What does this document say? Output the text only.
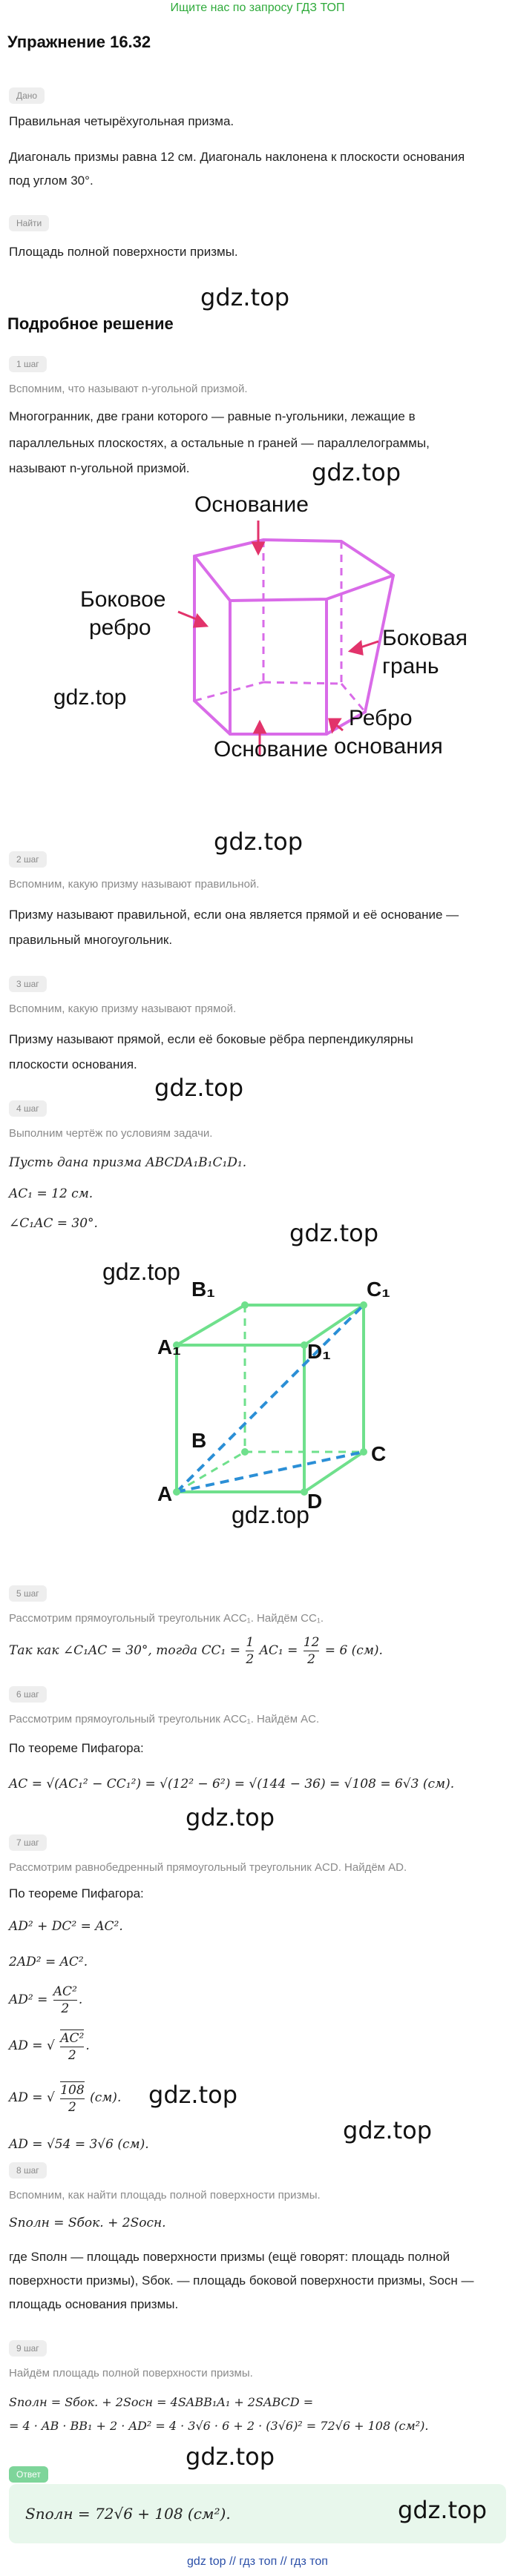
Ищите нас по запросу ГДЗ ТОП
Упражнение 16.32
Дано
Правильная четырёхугольная призма.
Диагональ призмы равна 12 см. Диагональ наклонена к плоскости основания
под углом 30°.
Найти
Площадь полной поверхности призмы.
gdz.top
Подробное решение
1 шаг
Вспомним, что называют n-угольной призмой.
Многогранник, две грани которого — равные n-угольники, лежащие в
параллельных плоскостях, а остальные n граней — параллелограммы,
называют n-угольной призмой.	gdz.top
Основание
Боковое
ребро	Боковая
грань
Ребро
основания
Основание
gdz.top
gdz.top
2 шаг
Вспомним, какую призму называют правильной.
Призму называют правильной, если она является прямой и её основание —
правильный многоугольник.
3 шаг
Вспомним, какую призму называют прямой.
Призму называют прямой, если её боковые рёбра перпендикулярны
плоскости основания.
gdz.top
4 шаг
Выполним чертёж по условиям задачи.
Пусть дана призма ABCDA₁B₁C₁D₁.
AC₁ = 12 см.
∠C₁AC = 30°.	gdz.top
B₁	C₁
A₁	D₁
B
C
A	D
gdz.top
gdz.top
5 шаг
Рассмотрим прямоугольный треугольник ACC₁. Найдём CC₁.
Так как ∠C₁AC = 30°, тогда $CC_1 = \frac{1}{2} AC_1 = \frac{12}{2} = 6$ (см).
6 шаг
Рассмотрим прямоугольный треугольник ACC₁. Найдём AC.
По теореме Пифагора:
AC = √(AC₁² − CC₁²) = √(12² − 6²) = √(144 − 36) = √108 = 6√3 (см).
gdz.top
7 шаг
Рассмотрим равнобедренный прямоугольный треугольник ACD. Найдём AD.
По теореме Пифагора:
AD² + DC² = AC².
2AD² = AC².
$AD^2 = \frac{\text{AC²}}{2}$ .
AD = √ $\frac{\text{AC²}}{2}$ .
AD = √ $\frac{108}{2} (см)$.	gdz.top
AD = √54 = 3√6 (см).	gdz.top
8 шаг
Вспомним, как найти площадь полной поверхности призмы.
Sполн = Sбок. + 2Sосн.
где Sполн — площадь поверхности призмы (ещё говорят: площадь полной
поверхности призмы), Sбок. — площадь боковой поверхности призмы, Sосн —
площадь основания призмы.
9 шаг
Найдём площадь полной поверхности призмы.
Sполн = Sбок. + 2Sосн = 4SABB₁A₁ + 2SABCD =
= 4 · AB · BB₁ + 2 · AD² = 4 · 3√6 · 6 + 2 · (3√6)² = 72√6 + 108 (см²).
gdz.top
Ответ
Sполн = 72√6 + 108 (см²).	gdz.top
gdz top // гдз топ // гдз топ
